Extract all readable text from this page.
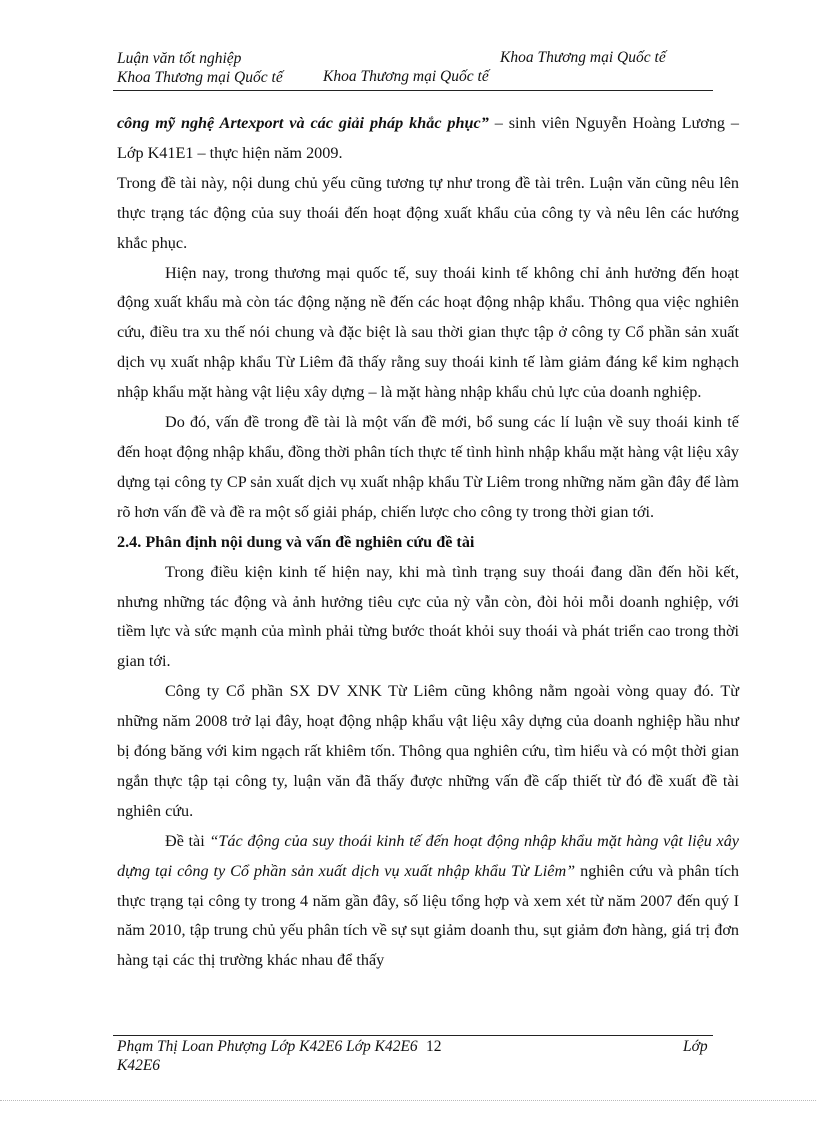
Luận văn tốt nghiệp	Khoa Thương mại Quốc tế
Khoa Thương mại Quốc tế	Khoa Thương mại Quốc tế

công mỹ nghệ Artexport và các giải pháp khắc phục” – sinh viên Nguyễn Hoàng Lương – Lớp K41E1 – thực hiện năm 2009.

Trong đề tài này, nội dung chủ yếu cũng tương tự như trong đề tài trên. Luận văn cũng nêu lên thực trạng tác động của suy thoái đến hoạt động xuất khẩu của công ty và nêu lên các hướng khắc phục.

Hiện nay, trong thương mại quốc tế, suy thoái kinh tế không chỉ ảnh hưởng đến hoạt động xuất khẩu mà còn tác động nặng nề đến các hoạt động nhập khẩu. Thông qua việc nghiên cứu, điều tra xu thế nói chung và đặc biệt là sau thời gian thực tập ở công ty Cổ phần sản xuất dịch vụ xuất nhập khẩu Từ Liêm đã thấy rằng suy thoái kinh tế làm giảm đáng kể kim nghạch nhập khẩu mặt hàng vật liệu xây dựng – là mặt hàng nhập khẩu chủ lực của doanh nghiệp.

Do đó, vấn đề trong đề tài là một vấn đề mới, bổ sung các lí luận về suy thoái kinh tế đến hoạt động nhập khẩu, đồng thời phân tích thực tế tình hình nhập khẩu mặt hàng vật liệu xây dựng tại công ty CP sản xuất dịch vụ xuất nhập khẩu Từ Liêm trong những năm gần đây để làm rõ hơn vấn đề và đề ra một số giải pháp, chiến lược cho công ty trong thời gian tới.

2.4. Phân định nội dung và vấn đề nghiên cứu đề tài

Trong điều kiện kinh tế hiện nay, khi mà tình trạng suy thoái đang dần đến hồi kết, nhưng những tác động và ảnh hưởng tiêu cực của nỳ vẫn còn, đòi hỏi mỗi doanh nghiệp, với tiềm lực và sức mạnh của mình phải từng bước thoát khỏi suy thoái và phát triển cao trong thời gian tới.

Công ty Cổ phần SX DV XNK Từ Liêm cũng không nằm ngoài vòng quay đó. Từ những năm 2008 trở lại đây, hoạt động nhập khẩu vật liệu xây dựng của doanh nghiệp hầu như bị đóng băng với kim ngạch rất khiêm tốn. Thông qua nghiên cứu, tìm hiểu và có một thời gian ngắn thực tập tại công ty, luận văn đã thấy được những vấn đề cấp thiết từ đó đề xuất đề tài nghiên cứu.

Đề tài “Tác động của suy thoái kinh tế đến hoạt động nhập khẩu mặt hàng vật liệu xây dựng tại công ty Cổ phần sản xuất dịch vụ xuất nhập khẩu Từ Liêm” nghiên cứu và phân tích thực trạng tại công ty trong 4 năm gần đây, số liệu tổng hợp và xem xét từ năm 2007 đến quý I năm 2010, tập trung chủ yếu phân tích về sự sụt giảm doanh thu, sụt giảm đơn hàng, giá trị đơn hàng tại các thị trường khác nhau để thấy

Phạm Thị Loan Phượng Lớp K42E6 Lớp K42E6 12	Lớp
K42E6
